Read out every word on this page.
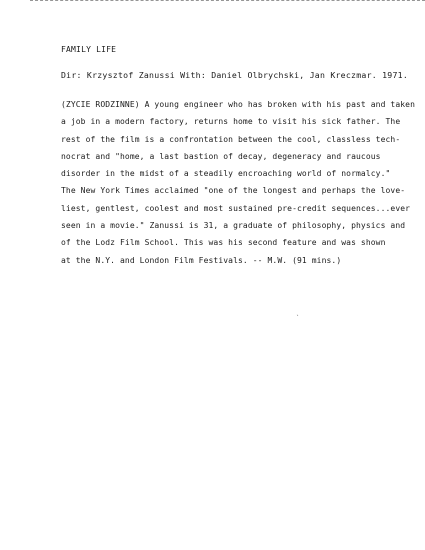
FAMILY LIFE
Dir: Krzysztof Zanussi With: Daniel Olbrychski, Jan Kreczmar. 1971.
(ZYCIE RODZINNE) A young engineer who has broken with his past and taken
a job in a modern factory, returns home to visit his sick father. The
rest of the film is a confrontation between the cool, classless tech-
nocrat and "home, a last bastion of decay, degeneracy and raucous
disorder in the midst of a steadily encroaching world of normalcy."
The New York Times acclaimed "one of the longest and perhaps the love-
liest, gentlest, coolest and most sustained pre-credit sequences...ever
seen in a movie." Zanussi is 31, a graduate of philosophy, physics and
of the Lodz Film School. This was his second feature and was shown
at the N.Y. and London Film Festivals. -- M.W. (91 mins.)
`
